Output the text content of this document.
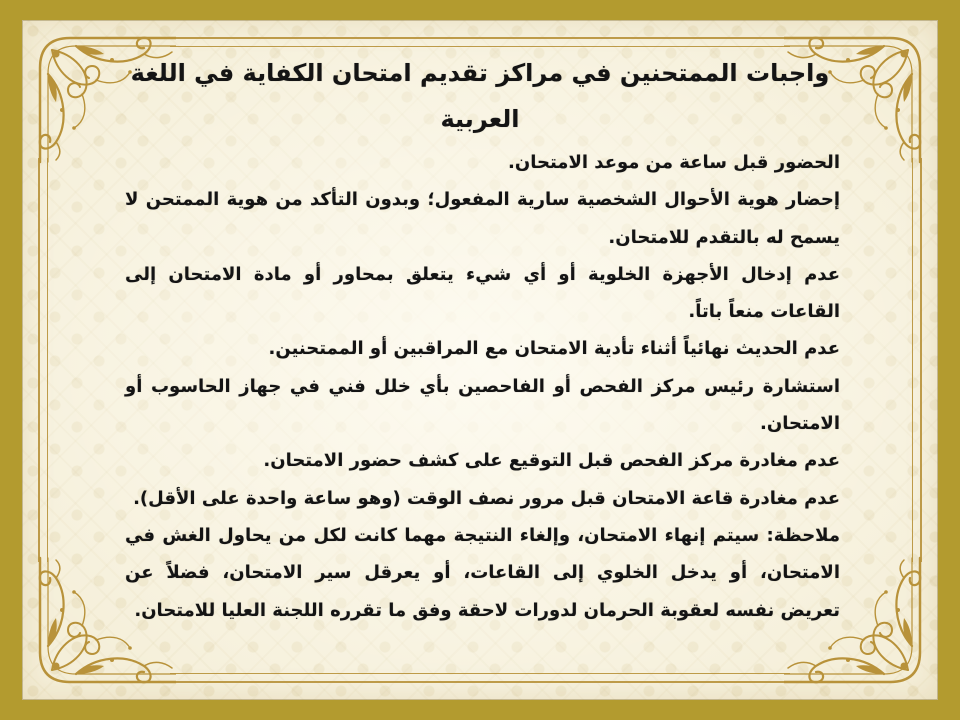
واجبات الممتحنين في مراكز تقديم امتحان الكفاية في اللغة
العربية
الحضور قبل ساعة من موعد الامتحان.
إحضار هوية الأحوال الشخصية سارية المفعول؛ وبدون التأكد من هوية الممتحن لا
يسمح له بالتقدم للامتحان.
عدم إدخال الأجهزة الخلوية أو أي شيء يتعلق بمحاور أو مادة الامتحان إلى
القاعات منعاً باتاً.
عدم الحديث نهائياً أثناء تأدية الامتحان مع المراقبين أو الممتحنين.
استشارة رئيس مركز الفحص أو الفاحصين بأي خلل فني في جهاز الحاسوب أو
الامتحان.
عدم مغادرة مركز الفحص قبل التوقيع على كشف حضور الامتحان.
عدم مغادرة قاعة الامتحان قبل مرور نصف الوقت (وهو ساعة واحدة على الأقل).
ملاحظة: سيتم إنهاء الامتحان، وإلغاء النتيجة مهما كانت لكل من يحاول الغش في
الامتحان، أو يدخل الخلوي إلى القاعات، أو يعرقل سير الامتحان، فضلاً عن
تعريض نفسه لعقوبة الحرمان لدورات لاحقة وفق ما تقرره اللجنة العليا للامتحان.
